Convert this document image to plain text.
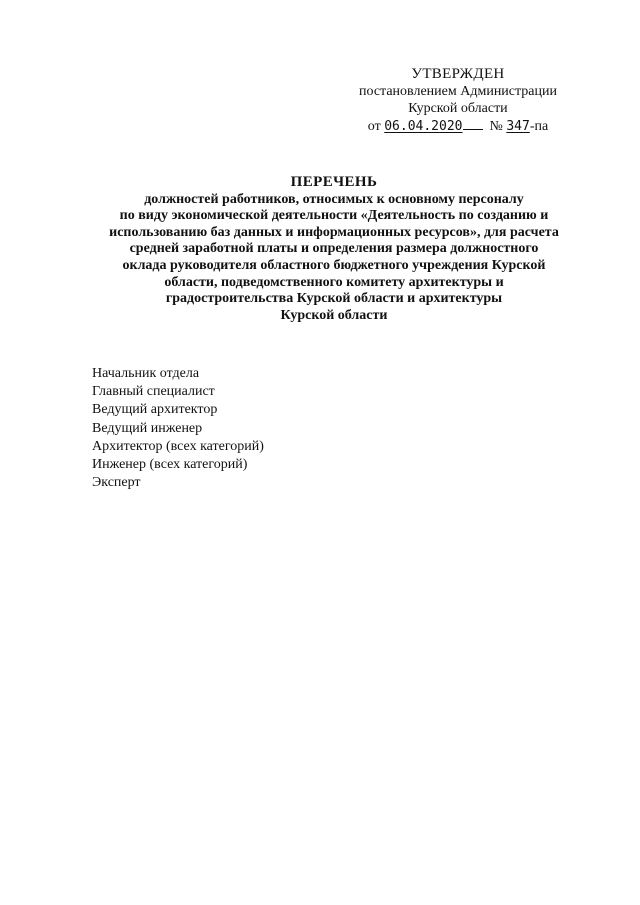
УТВЕРЖДЕН
постановлением Администрации
Курской области
от 06.04.2020 № 347-па
ПЕРЕЧЕНЬ
должностей работников, относимых к основному персоналу
по виду экономической деятельности «Деятельность по созданию и
использованию баз данных и информационных ресурсов», для расчета
средней заработной платы и определения размера должностного
оклада руководителя областного бюджетного учреждения Курской
области, подведомственного комитету архитектуры и
градостроительства Курской области и архитектуры
Курской области
Начальник отдела
Главный специалист
Ведущий архитектор
Ведущий инженер
Архитектор (всех категорий)
Инженер (всех категорий)
Эксперт
